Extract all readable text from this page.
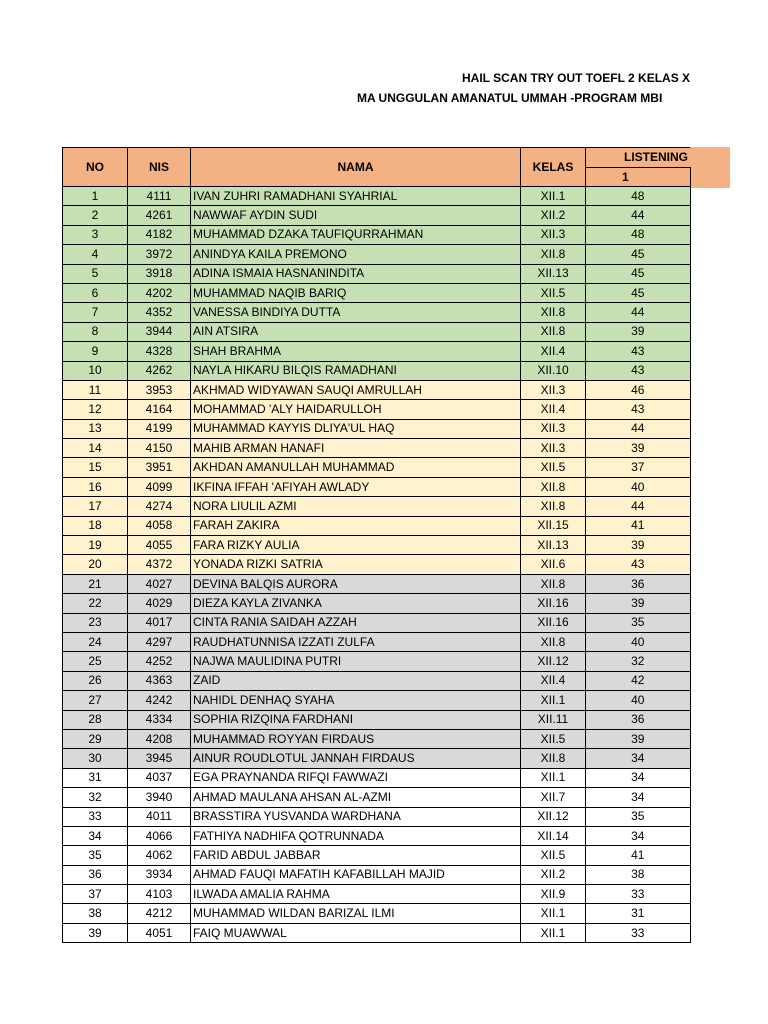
HAIL SCAN TRY OUT TOEFL 2 KELAS X
MA UNGGULAN AMANATUL UMMAH -PROGRAM MBI
NO	NIS	NAMA	KELAS	LISTENING
				1
1	4111	IVAN ZUHRI RAMADHANI SYAHRIAL	XII.1	48
2	4261	NAWWAF AYDIN SUDI	XII.2	44
3	4182	MUHAMMAD DZAKA TAUFIQURRAHMAN	XII.3	48
4	3972	ANINDYA KAILA PREMONO	XII.8	45
5	3918	ADINA ISMAIA HASNANINDITA	XII.13	45
6	4202	MUHAMMAD NAQIB BARIQ	XII.5	45
7	4352	VANESSA BINDIYA DUTTA	XII.8	44
8	3944	AIN ATSIRA	XII.8	39
9	4328	SHAH BRAHMA	XII.4	43
10	4262	NAYLA HIKARU BILQIS RAMADHANI	XII.10	43
11	3953	AKHMAD WIDYAWAN SAUQI AMRULLAH	XII.3	46
12	4164	MOHAMMAD 'ALY HAIDARULLOH	XII.4	43
13	4199	MUHAMMAD KAYYIS DLIYA'UL HAQ	XII.3	44
14	4150	MAHIB ARMAN HANAFI	XII.3	39
15	3951	AKHDAN AMANULLAH MUHAMMAD	XII.5	37
16	4099	IKFINA IFFAH 'AFIYAH AWLADY	XII.8	40
17	4274	NORA LIULIL AZMI	XII.8	44
18	4058	FARAH ZAKIRA	XII.15	41
19	4055	FARA RIZKY AULIA	XII.13	39
20	4372	YONADA RIZKI SATRIA	XII.6	43
21	4027	DEVINA BALQIS AURORA	XII.8	36
22	4029	DIEZA KAYLA ZIVANKA	XII.16	39
23	4017	CINTA RANIA SAIDAH AZZAH	XII.16	35
24	4297	RAUDHATUNNISA IZZATI ZULFA	XII.8	40
25	4252	NAJWA MAULIDINA PUTRI	XII.12	32
26	4363	ZAID	XII.4	42
27	4242	NAHIDL DENHAQ SYAHA	XII.1	40
28	4334	SOPHIA RIZQINA FARDHANI	XII.11	36
29	4208	MUHAMMAD ROYYAN FIRDAUS	XII.5	39
30	3945	AINUR ROUDLOTUL JANNAH FIRDAUS	XII.8	34
31	4037	EGA PRAYNANDA RIFQI FAWWAZI	XII.1	34
32	3940	AHMAD MAULANA AHSAN AL-AZMI	XII.7	34
33	4011	BRASSTIRA YUSVANDA WARDHANA	XII.12	35
34	4066	FATHIYA NADHIFA QOTRUNNADA	XII.14	34
35	4062	FARID ABDUL JABBAR	XII.5	41
36	3934	AHMAD FAUQI MAFATIH KAFABILLAH MAJID	XII.2	38
37	4103	ILWADA AMALIA RAHMA	XII.9	33
38	4212	MUHAMMAD WILDAN BARIZAL ILMI	XII.1	31
39	4051	FAIQ MUAWWAL	XII.1	33
